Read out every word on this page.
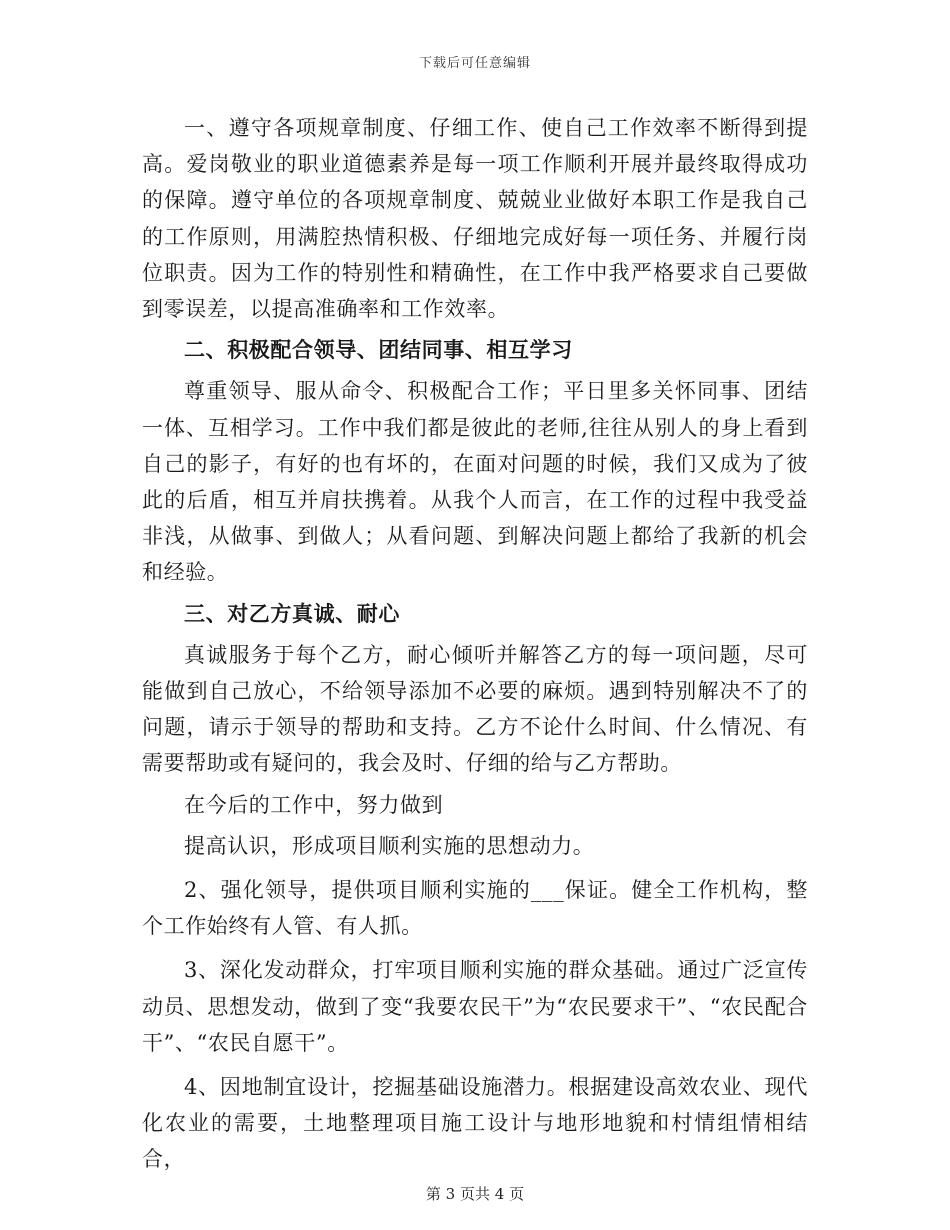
下载后可任意编辑

一、遵守各项规章制度、仔细工作、使自己工作效率不断得到提高。爱岗敬业的职业道德素养是每一项工作顺利开展并最终取得成功的保障。遵守单位的各项规章制度、兢兢业业做好本职工作是我自己的工作原则，用满腔热情积极、仔细地完成好每一项任务、并履行岗位职责。因为工作的特别性和精确性，在工作中我严格要求自己要做到零误差，以提高准确率和工作效率。

二、积极配合领导、团结同事、相互学习

尊重领导、服从命令、积极配合工作；平日里多关怀同事、团结一体、互相学习。工作中我们都是彼此的老师,往往从别人的身上看到自己的影子，有好的也有坏的，在面对问题的时候，我们又成为了彼此的后盾，相互并肩扶携着。从我个人而言，在工作的过程中我受益非浅，从做事、到做人；从看问题、到解决问题上都给了我新的机会和经验。

三、对乙方真诚、耐心

真诚服务于每个乙方，耐心倾听并解答乙方的每一项问题，尽可能做到自己放心，不给领导添加不必要的麻烦。遇到特别解决不了的问题，请示于领导的帮助和支持。乙方不论什么时间、什么情况、有需要帮助或有疑问的，我会及时、仔细的给与乙方帮助。

在今后的工作中，努力做到

提高认识，形成项目顺利实施的思想动力。

2、强化领导，提供项目顺利实施的___保证。健全工作机构，整个工作始终有人管、有人抓。

3、深化发动群众，打牢项目顺利实施的群众基础。通过广泛宣传动员、思想发动，做到了变“我要农民干”为“农民要求干”、“农民配合干”、“农民自愿干”。

4、因地制宜设计，挖掘基础设施潜力。根据建设高效农业、现代化农业的需要，土地整理项目施工设计与地形地貌和村情组情相结合，

第 3 页共 4 页
